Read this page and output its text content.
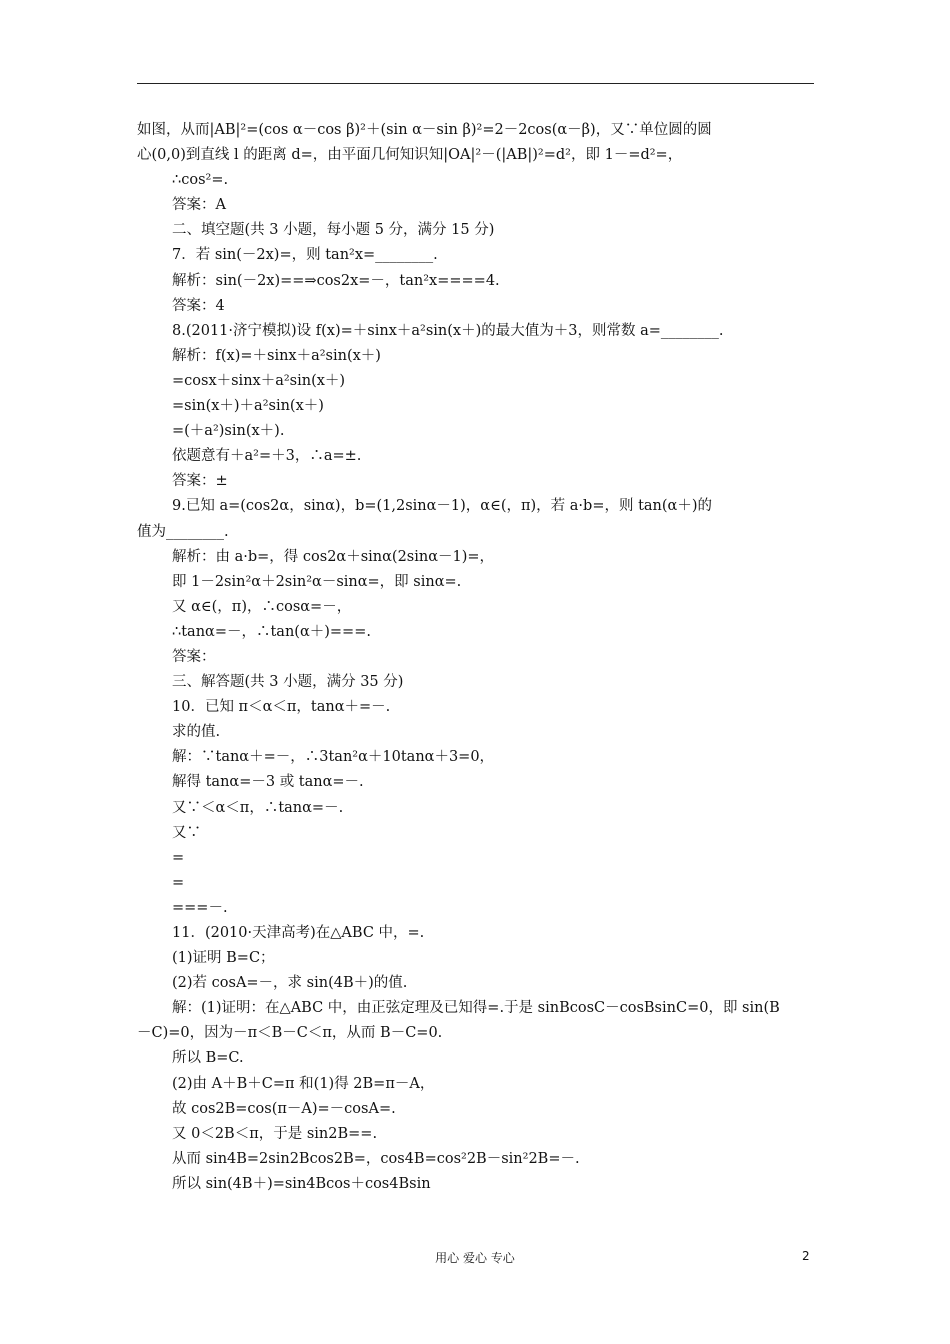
如图，从而|AB|²=(cos α－cos β)²＋(sin α－sin β)²=2－2cos(α－β)，又∵单位圆的圆
心(0,0)到直线 l 的距离 d=，由平面几何知识知|OA|²－(|AB|)²=d²，即 1－=d²=，
∴cos²=.
答案：A
二、填空题(共 3 小题，每小题 5 分，满分 15 分)
7．若 sin(－2x)=，则 tan²x=________.
解析：sin(－2x)==⇒cos2x=－，tan²x====4.
答案：4
8.(2011·济宁模拟)设 f(x)=＋sinx＋a²sin(x＋)的最大值为＋3，则常数 a=________.
解析：f(x)=＋sinx＋a²sin(x＋)
=cosx＋sinx＋a²sin(x＋)
=sin(x＋)＋a²sin(x＋)
=(＋a²)sin(x＋).
依题意有＋a²=＋3，∴a=±.
答案：±
9.已知 a=(cos2α，sinα)，b=(1,2sinα－1)，α∈(，π)，若 a·b=，则 tan(α＋)的
值为________.
解析：由 a·b=，得 cos2α＋sinα(2sinα－1)=，
即 1－2sin²α＋2sin²α－sinα=，即 sinα=.
又 α∈(，π)，∴cosα=－，
∴tanα=－，∴tan(α＋)===.
答案：
三、解答题(共 3 小题，满分 35 分)
10．已知 π＜α＜π，tanα＋=－.
求的值.
解：∵tanα＋=－，∴3tan²α＋10tanα＋3=0，
解得 tanα=－3 或 tanα=－.
又∵＜α＜π，∴tanα=－.
又∵
=
=
===－.
11．(2010·天津高考)在△ABC 中，=.
(1)证明 B=C；
(2)若 cosA=－，求 sin(4B＋)的值.
解：(1)证明：在△ABC 中，由正弦定理及已知得=.于是 sinBcosC－cosBsinC=0，即 sin(B
－C)=0，因为－π＜B－C＜π，从而 B－C=0.
所以 B=C.
(2)由 A＋B＋C=π 和(1)得 2B=π－A，
故 cos2B=cos(π－A)=－cosA=.
又 0＜2B＜π，于是 sin2B==.
从而 sin4B=2sin2Bcos2B=，cos4B=cos²2B－sin²2B=－.
所以 sin(4B＋)=sin4Bcos＋cos4Bsin
用心 爱心 专心	2
